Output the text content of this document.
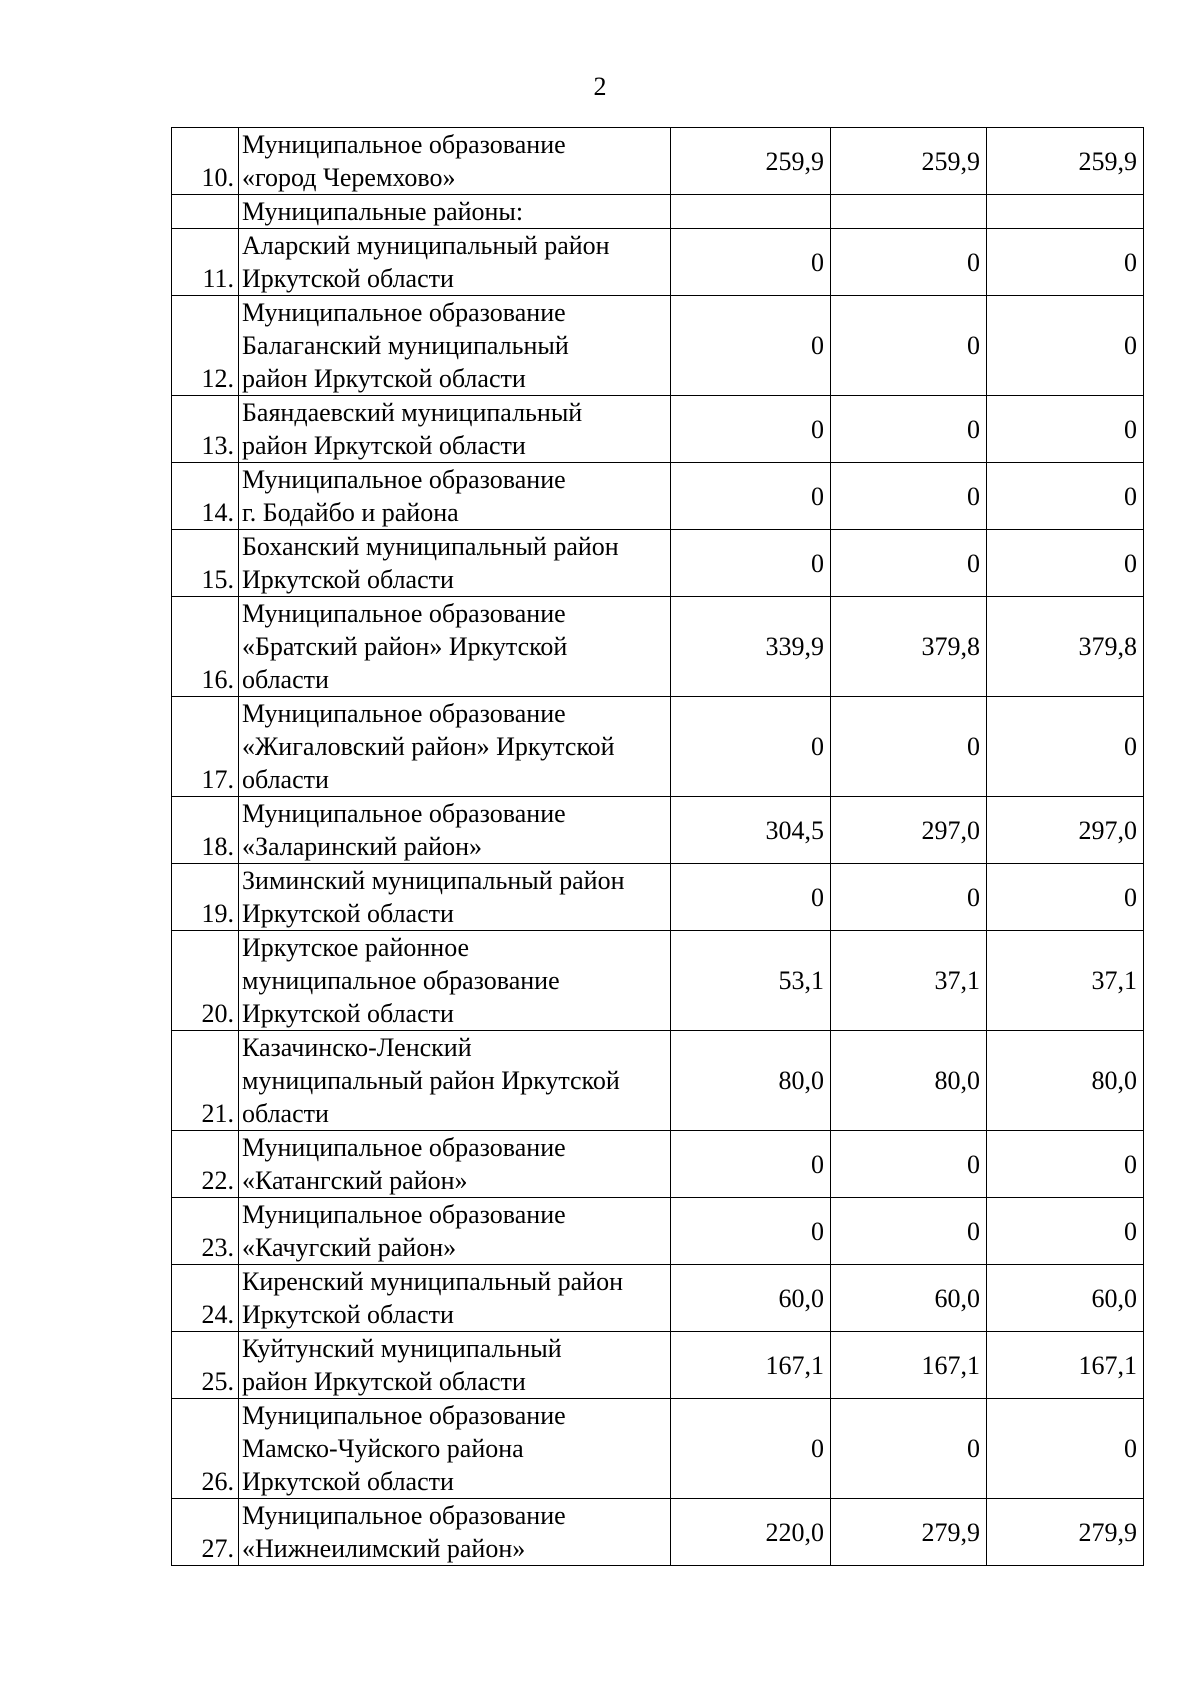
2
10.	Муниципальное образование
«город Черемхово»	259,9	259,9	259,9
	Муниципальные районы:			
11.	Аларский муниципальный район
Иркутской области	0	0	0
12.	Муниципальное образование
Балаганский муниципальный
район Иркутской области	0	0	0
13.	Баяндаевский муниципальный
район Иркутской области	0	0	0
14.	Муниципальное образование
г. Бодайбо и района	0	0	0
15.	Боханский муниципальный район
Иркутской области	0	0	0
16.	Муниципальное образование
«Братский район» Иркутской
области	339,9	379,8	379,8
17.	Муниципальное образование
«Жигаловский район» Иркутской
области	0	0	0
18.	Муниципальное образование
«Заларинский район»	304,5	297,0	297,0
19.	Зиминский муниципальный район
Иркутской области	0	0	0
20.	Иркутское районное
муниципальное образование
Иркутской области	53,1	37,1	37,1
21.	Казачинско-Ленский
муниципальный район Иркутской
области	80,0	80,0	80,0
22.	Муниципальное образование
«Катангский район»	0	0	0
23.	Муниципальное образование
«Качугский район»	0	0	0
24.	Киренский муниципальный район
Иркутской области	60,0	60,0	60,0
25.	Куйтунский муниципальный
район Иркутской области	167,1	167,1	167,1
26.	Муниципальное образование
Мамско-Чуйского района
Иркутской области	0	0	0
27.	Муниципальное образование
«Нижнеилимский район»	220,0	279,9	279,9
